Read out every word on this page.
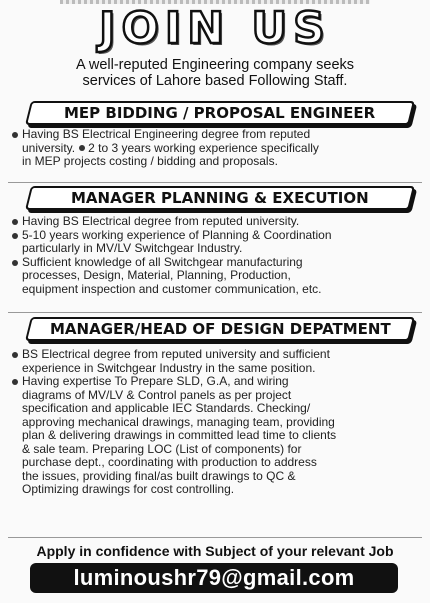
JOIN US
A well-reputed Engineering company seeks
services of Lahore based Following Staff.
MEP BIDDING / PROPOSAL ENGINEER
Having BS Electrical Engineering degree from reputed
university. 2 to 3 years working experience specifically
in MEP projects costing / bidding and proposals.
MANAGER PLANNING & EXECUTION
Having BS Electrical degree from reputed university.
5-10 years working experience of Planning & Coordination
particularly in MV/LV Switchgear Industry.
Sufficient knowledge of all Switchgear manufacturing
processes, Design, Material, Planning, Production,
equipment inspection and customer communication, etc.
MANAGER/HEAD OF DESIGN DEPATMENT
BS Electrical degree from reputed university and sufficient
experience in Switchgear Industry in the same position.
Having expertise To Prepare SLD, G.A, and wiring
diagrams of MV/LV & Control panels as per project
specification and applicable IEC Standards. Checking/
approving mechanical drawings, managing team, providing
plan & delivering drawings in committed lead time to clients
& sale team. Preparing LOC (List of components) for
purchase dept., coordinating with production to address
the issues, providing final/as built drawings to QC &
Optimizing drawings for cost controlling.
Apply in confidence with Subject of your relevant Job
luminoushr79@gmail.com
